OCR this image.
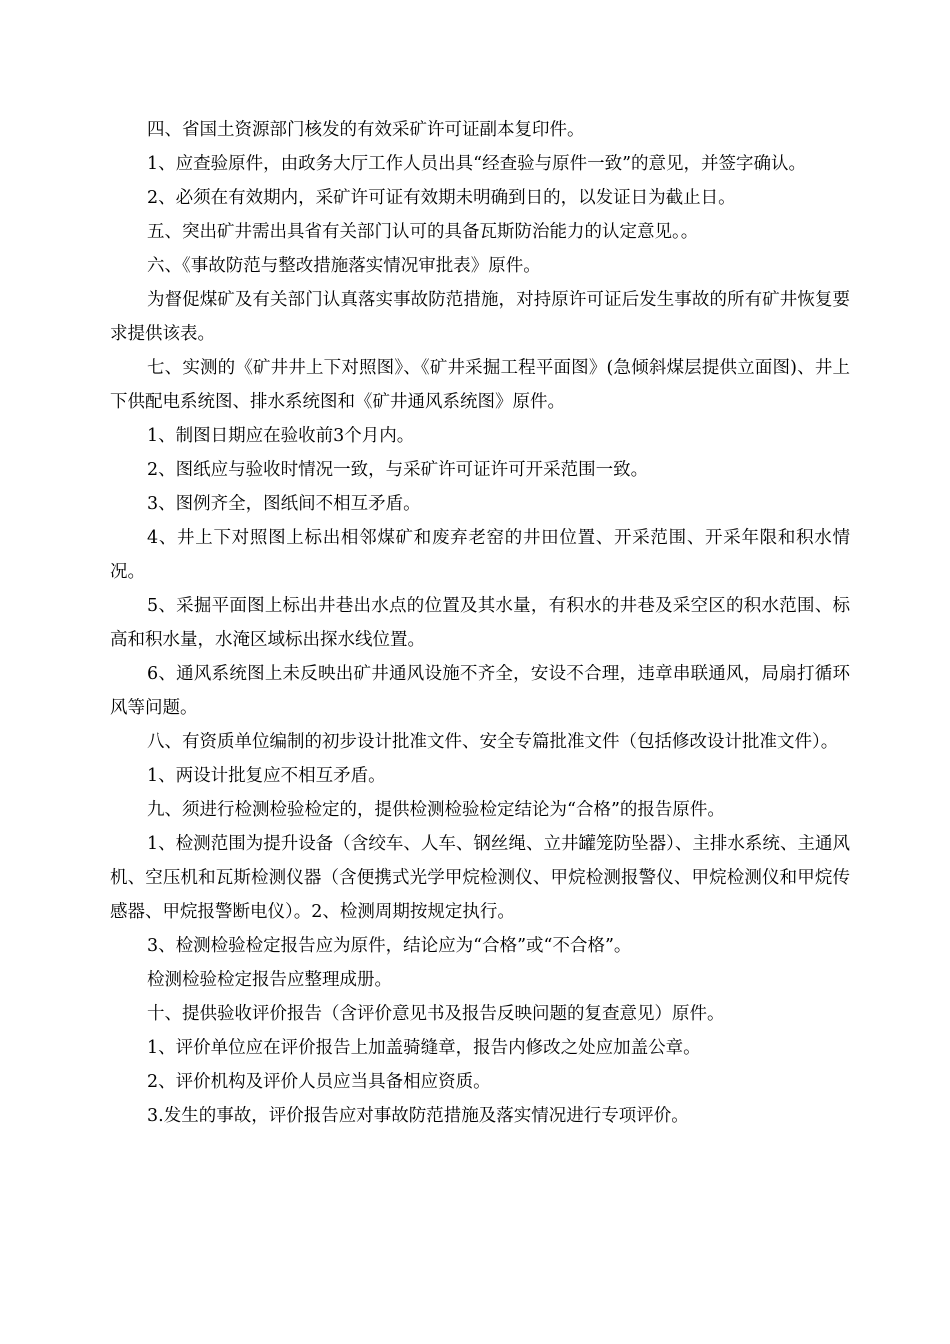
四、省国土资源部门核发的有效采矿许可证副本复印件。

1、应查验原件，由政务大厅工作人员出具“经查验与原件一致”的意见，并签字确认。

2、必须在有效期内，采矿许可证有效期未明确到日的，以发证日为截止日。

五、突出矿井需出具省有关部门认可的具备瓦斯防治能力的认定意见。。

六、《事故防范与整改措施落实情况审批表》原件。

为督促煤矿及有关部门认真落实事故防范措施，对持原许可证后发生事故的所有矿井恢复要求提供该表。

七、实测的《矿井井上下对照图》、《矿井采掘工程平面图》(急倾斜煤层提供立面图)、井上下供配电系统图、排水系统图和《矿井通风系统图》原件。

1、制图日期应在验收前3个月内。

2、图纸应与验收时情况一致，与采矿许可证许可开采范围一致。

3、图例齐全，图纸间不相互矛盾。

4、井上下对照图上标出相邻煤矿和废弃老窑的井田位置、开采范围、开采年限和积水情况。

5、采掘平面图上标出井巷出水点的位置及其水量，有积水的井巷及采空区的积水范围、标高和积水量，水淹区域标出探水线位置。

6、通风系统图上未反映出矿井通风设施不齐全，安设不合理，违章串联通风，局扇打循环风等问题。

八、有资质单位编制的初步设计批准文件、安全专篇批准文件（包括修改设计批准文件）。

1、两设计批复应不相互矛盾。

九、须进行检测检验检定的，提供检测检验检定结论为“合格”的报告原件。

1、检测范围为提升设备（含绞车、人车、钢丝绳、立井罐笼防坠器）、主排水系统、主通风机、空压机和瓦斯检测仪器（含便携式光学甲烷检测仪、甲烷检测报警仪、甲烷检测仪和甲烷传感器、甲烷报警断电仪）。2、检测周期按规定执行。

3、检测检验检定报告应为原件，结论应为“合格”或“不合格”。

检测检验检定报告应整理成册。

十、提供验收评价报告（含评价意见书及报告反映问题的复查意见）原件。

1、评价单位应在评价报告上加盖骑缝章，报告内修改之处应加盖公章。

2、评价机构及评价人员应当具备相应资质。

3.发生的事故，评价报告应对事故防范措施及落实情况进行专项评价。
